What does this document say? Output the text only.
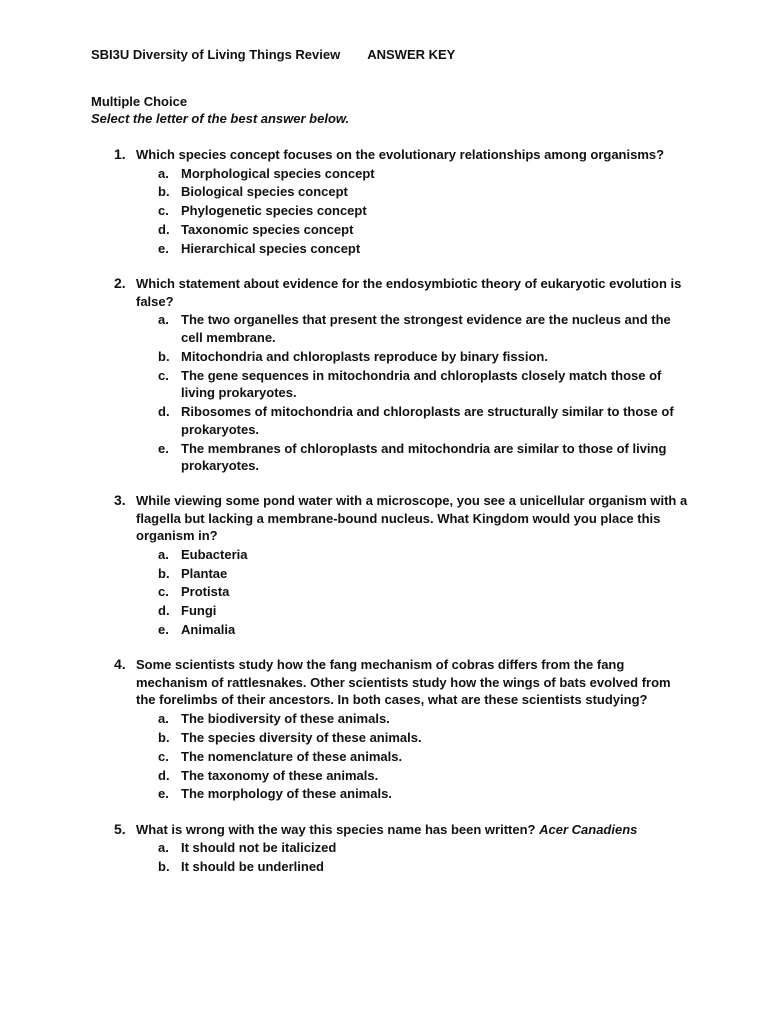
SBI3U Diversity of Living Things Review ANSWER KEY
Multiple Choice
Select the letter of the best answer below.
1. Which species concept focuses on the evolutionary relationships among organisms?
a. Morphological species concept
b. Biological species concept
c. Phylogenetic species concept
d. Taxonomic species concept
e. Hierarchical species concept
2. Which statement about evidence for the endosymbiotic theory of eukaryotic evolution is false?
a. The two organelles that present the strongest evidence are the nucleus and the cell membrane.
b. Mitochondria and chloroplasts reproduce by binary fission.
c. The gene sequences in mitochondria and chloroplasts closely match those of living prokaryotes.
d. Ribosomes of mitochondria and chloroplasts are structurally similar to those of prokaryotes.
e. The membranes of chloroplasts and mitochondria are similar to those of living prokaryotes.
3. While viewing some pond water with a microscope, you see a unicellular organism with a flagella but lacking a membrane-bound nucleus. What Kingdom would you place this organism in?
a. Eubacteria
b. Plantae
c. Protista
d. Fungi
e. Animalia
4. Some scientists study how the fang mechanism of cobras differs from the fang mechanism of rattlesnakes. Other scientists study how the wings of bats evolved from the forelimbs of their ancestors. In both cases, what are these scientists studying?
a. The biodiversity of these animals.
b. The species diversity of these animals.
c. The nomenclature of these animals.
d. The taxonomy of these animals.
e. The morphology of these animals.
5. What is wrong with the way this species name has been written? Acer Canadiens
a. It should not be italicized
b. It should be underlined
